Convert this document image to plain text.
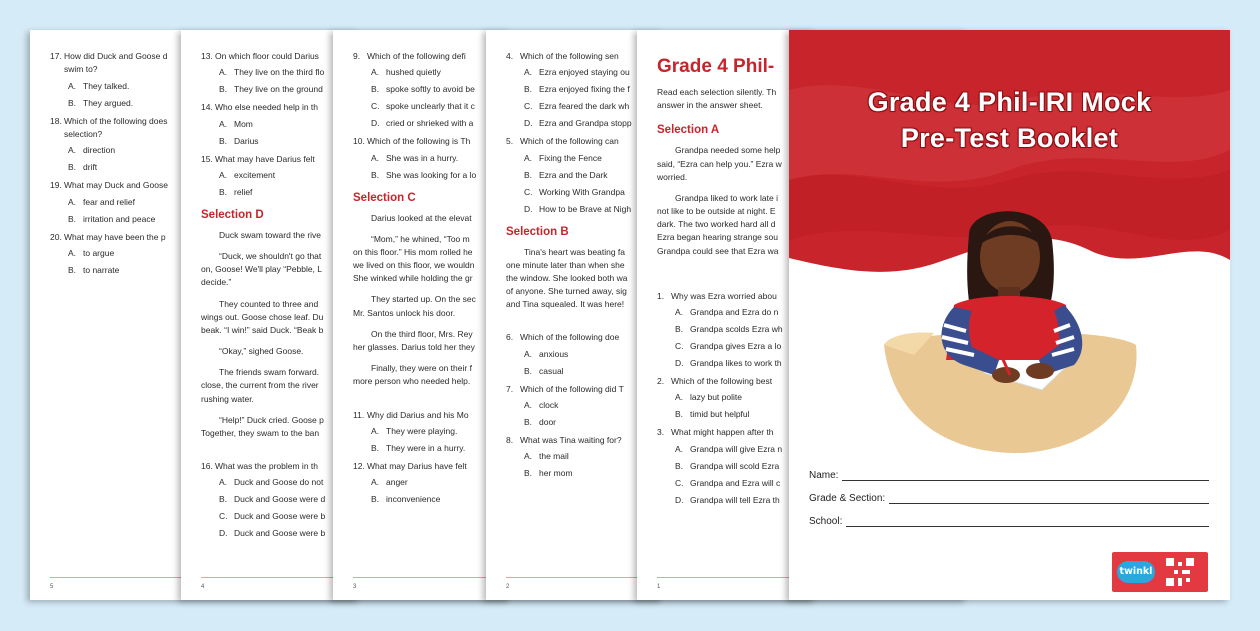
17. How did Duck and Goose d
swim to?
A. They talked.
B. They argued.
18. Which of the following does
selection?
A. direction
B. drift
19. What may Duck and Goose
A. fear and relief
B. irritation and peace
20. What may have been the p
A. to argue
B. to narrate
5
13. On which floor could Darius
A. They live on the third flo
B. They live on the ground
14. Who else needed help in th
A. Mom
B. Darius
15. What may have Darius felt
A. excitement
B. relief
Selection D
Duck swam toward the rive
“Duck, we shouldn't go that
on, Goose! We'll play “Pebble, L
decide.”
They counted to three and
wings out. Goose chose leaf. Du
beak. “I win!” said Duck. “Beak b
“Okay,” sighed Goose.
The friends swam forward.
close, the current from the river
rushing water.
“Help!” Duck cried. Goose p
Together, they swam to the ban
16. What was the problem in th
A. Duck and Goose do not
B. Duck and Goose were d
C. Duck and Goose were b
D. Duck and Goose were b
4
9. Which of the following defi
A. hushed quietly
B. spoke softly to avoid be
C. spoke unclearly that it c
D. cried or shrieked with a
10. Which of the following is Th
A. She was in a hurry.
B. She was looking for a lo
Selection C
Darius looked at the elevat
“Mom,” he whined, “Too m
on this floor.” His mom rolled he
we lived on this floor, we wouldn
She winked while holding the gr
They started up. On the sec
Mr. Santos unlock his door.
On the third floor, Mrs. Rey
her glasses. Darius told her they
Finally, they were on their f
more person who needed help.
11. Why did Darius and his Mo
A. They were playing.
B. They were in a hurry.
12. What may Darius have felt
A. anger
B. inconvenience
3
4. Which of the following sen
A. Ezra enjoyed staying ou
B. Ezra enjoyed fixing the f
C. Ezra feared the dark wh
D. Ezra and Grandpa stopp
5. Which of the following can
A. Fixing the Fence
B. Ezra and the Dark
C. Working With Grandpa
D. How to be Brave at Nigh
Selection B
Tina's heart was beating fa
one minute later than when she
the window. She looked both wa
of anyone. She turned away, sig
and Tina squealed. It was here!
6. Which of the following doe
A. anxious
B. casual
7. Which of the following did T
A. clock
B. door
8. What was Tina waiting for?
A. the mail
B. her mom
2
Grade 4 Phil-
Read each selection silently. Th
answer in the answer sheet.
Selection A
Grandpa needed some help
said, “Ezra can help you.” Ezra w
worried.
Grandpa liked to work late i
not like to be outside at night. E
dark. The two worked hard all d
Ezra began hearing strange sou
Grandpa could see that Ezra wa
1. Why was Ezra worried abou
A. Grandpa and Ezra do n
B. Grandpa scolds Ezra wh
C. Grandpa gives Ezra a lo
D. Grandpa likes to work th
2. Which of the following best
A. lazy but polite
B. timid but helpful
3. What might happen after th
A. Grandpa will give Ezra n
B. Grandpa will scold Ezra
C. Grandpa and Ezra will c
D. Grandpa will tell Ezra th
1
Grade 4 Phil-IRI Mock
Pre-Test Booklet
Name:
Grade & Section:
School:
twinkl
